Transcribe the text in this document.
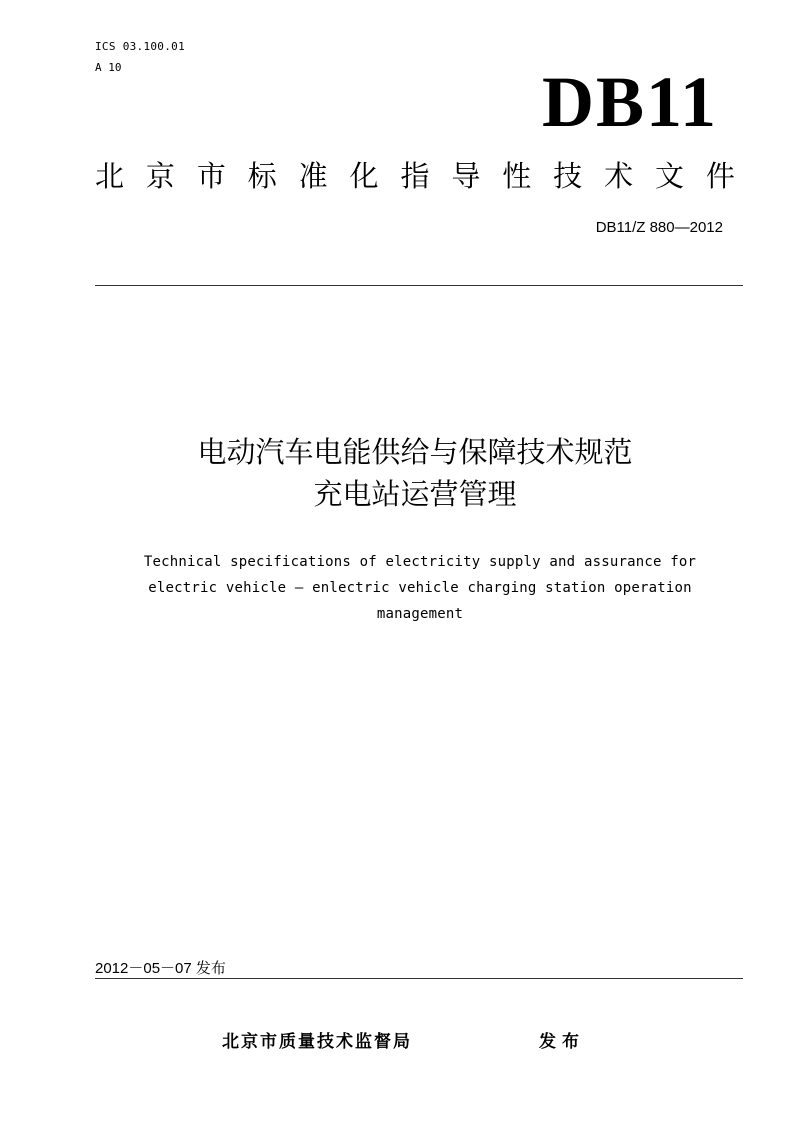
ICS 03.100.01
A 10	DB11
北 京 市 标 准 化 指 导 性 技 术 文 件
DB11/Z 880—2012
电动汽车电能供给与保障技术规范
充电站运营管理
Technical specifications of electricity supply and assurance for
electric vehicle – enlectric vehicle charging station operation
management
2012－05－07 发布
北京市质量技术监督局	发布
